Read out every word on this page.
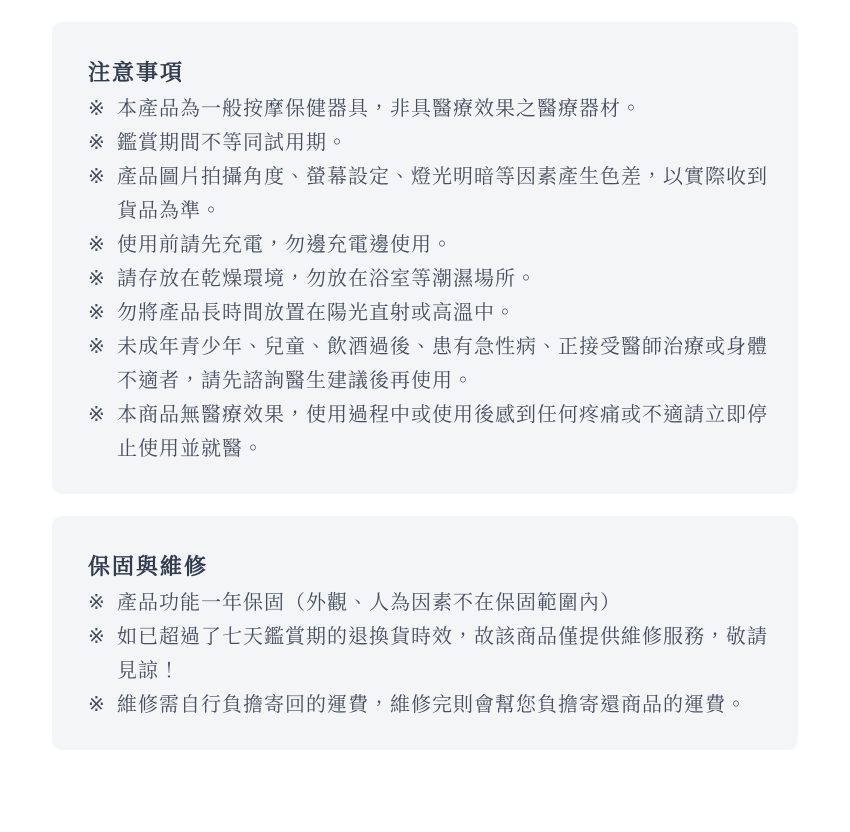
注意事項
※ 本產品為一般按摩保健器具，非具醫療效果之醫療器材。
※ 鑑賞期間不等同試用期。
※ 產品圖片拍攝角度、螢幕設定、燈光明暗等因素產生色差，以實際收到貨品為準。
※ 使用前請先充電，勿邊充電邊使用。
※ 請存放在乾燥環境，勿放在浴室等潮濕場所。
※ 勿將產品長時間放置在陽光直射或高溫中。
※ 未成年青少年、兒童、飲酒過後、患有急性病、正接受醫師治療或身體不適者，請先諮詢醫生建議後再使用。
※ 本商品無醫療效果，使用過程中或使用後感到任何疼痛或不適請立即停止使用並就醫。
保固與維修
※ 產品功能一年保固（外觀、人為因素不在保固範圍內）
※ 如已超過了七天鑑賞期的退換貨時效，故該商品僅提供維修服務，敬請見諒！
※ 維修需自行負擔寄回的運費，維修完則會幫您負擔寄還商品的運費。
